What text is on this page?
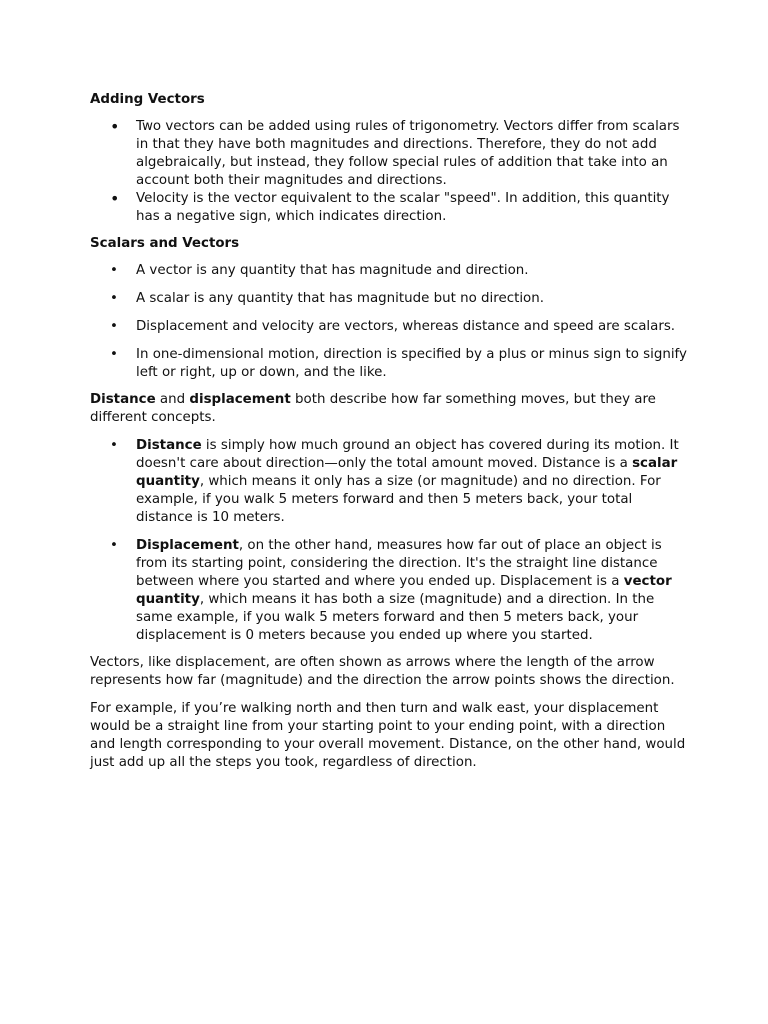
Adding Vectors
• Two vectors can be added using rules of trigonometry. Vectors differ from scalars in that they have both magnitudes and directions. Therefore, they do not add algebraically, but instead, they follow special rules of addition that take into an account both their magnitudes and directions.
• Velocity is the vector equivalent to the scalar "speed". In addition, this quantity has a negative sign, which indicates direction.
Scalars and Vectors
• A vector is any quantity that has magnitude and direction.
• A scalar is any quantity that has magnitude but no direction.
• Displacement and velocity are vectors, whereas distance and speed are scalars.
• In one-dimensional motion, direction is specified by a plus or minus sign to signify left or right, up or down, and the like.

Distance and displacement both describe how far something moves, but they are different concepts.

• Distance is simply how much ground an object has covered during its motion. It doesn't care about direction—only the total amount moved. Distance is a scalar quantity, which means it only has a size (or magnitude) and no direction. For example, if you walk 5 meters forward and then 5 meters back, your total distance is 10 meters.
• Displacement, on the other hand, measures how far out of place an object is from its starting point, considering the direction. It's the straight line distance between where you started and where you ended up. Displacement is a vector quantity, which means it has both a size (magnitude) and a direction. In the same example, if you walk 5 meters forward and then 5 meters back, your displacement is 0 meters because you ended up where you started.

Vectors, like displacement, are often shown as arrows where the length of the arrow represents how far (magnitude) and the direction the arrow points shows the direction.

For example, if you’re walking north and then turn and walk east, your displacement would be a straight line from your starting point to your ending point, with a direction and length corresponding to your overall movement. Distance, on the other hand, would just add up all the steps you took, regardless of direction.
